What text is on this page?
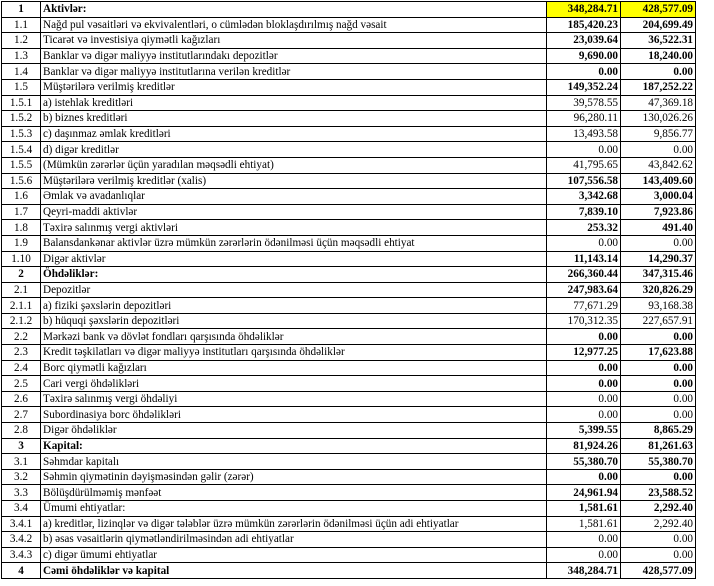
1	Aktivlər:	348,284.71	428,577.09
1.1	Nağd pul vəsaitləri və ekvivalentləri, o cümlədən bloklaşdırılmış nağd vəsait	185,420.23	204,699.49
1.2	Ticarət və investisiya qiymətli kağızları	23,039.64	36,522.31
1.3	Banklar və digər maliyyə institutlarındakı depozitlər	9,690.00	18,240.00
1.4	Banklar və digər maliyyə institutlarına verilən kreditlər	0.00	0.00
1.5	Müştərilərə verilmiş kreditlər	149,352.24	187,252.22
1.5.1	a) istehlak kreditləri	39,578.55	47,369.18
1.5.2	b) biznes kreditləri	96,280.11	130,026.26
1.5.3	c) daşınmaz əmlak kreditləri	13,493.58	9,856.77
1.5.4	d) digər kreditlər	0.00	0.00
1.5.5	(Mümkün zərərlər üçün yaradılan məqsədli ehtiyat)	41,795.65	43,842.62
1.5.6	Müştərilərə verilmiş kreditlər (xalis)	107,556.58	143,409.60
1.6	Əmlak və avadanlıqlar	3,342.68	3,000.04
1.7	Qeyri-maddi aktivlər	7,839.10	7,923.86
1.8	Təxirə salınmış vergi aktivləri	253.32	491.40
1.9	Balansdankənar aktivlər üzrə mümkün zərərlərin ödənilməsi üçün məqsədli ehtiyat	0.00	0.00
1.10	Digər aktivlər	11,143.14	14,290.37
2	Öhdəliklər:	266,360.44	347,315.46
2.1	Depozitlər	247,983.64	320,826.29
2.1.1	a) fiziki şəxslərin depozitləri	77,671.29	93,168.38
2.1.2	b) hüquqi şəxslərin depozitləri	170,312.35	227,657.91
2.2	Mərkəzi bank və dövlət fondları qarşısında öhdəliklər	0.00	0.00
2.3	Kredit təşkilatları və digər maliyyə institutları qarşısında öhdəliklər	12,977.25	17,623.88
2.4	Borc qiymətli kağızları	0.00	0.00
2.5	Cari vergi öhdəlikləri	0.00	0.00
2.6	Təxirə salınmış vergi öhdəliyi	0.00	0.00
2.7	Subordinasiya borc öhdəlikləri	0.00	0.00
2.8	Digər öhdəliklər	5,399.55	8,865.29
3	Kapital:	81,924.26	81,261.63
3.1	Səhmdar kapitalı	55,380.70	55,380.70
3.2	Səhmin qiymətinin dəyişməsindən gəlir (zərər)	0.00	0.00
3.3	Bölüşdürülməmiş mənfəət	24,961.94	23,588.52
3.4	Ümumi ehtiyatlar:	1,581.61	2,292.40
3.4.1	a) kreditlər, lizinqlər və digər tələblər üzrə mümkün zərərlərin ödənilməsi üçün adi ehtiyatlar	1,581.61	2,292.40
3.4.2	b) əsas vəsaitlərin qiymətləndirilməsindən adi ehtiyatlar	0.00	0.00
3.4.3	c) digər ümumi ehtiyatlar	0.00	0.00
4	Cəmi öhdəliklər və kapital	348,284.71	428,577.09
